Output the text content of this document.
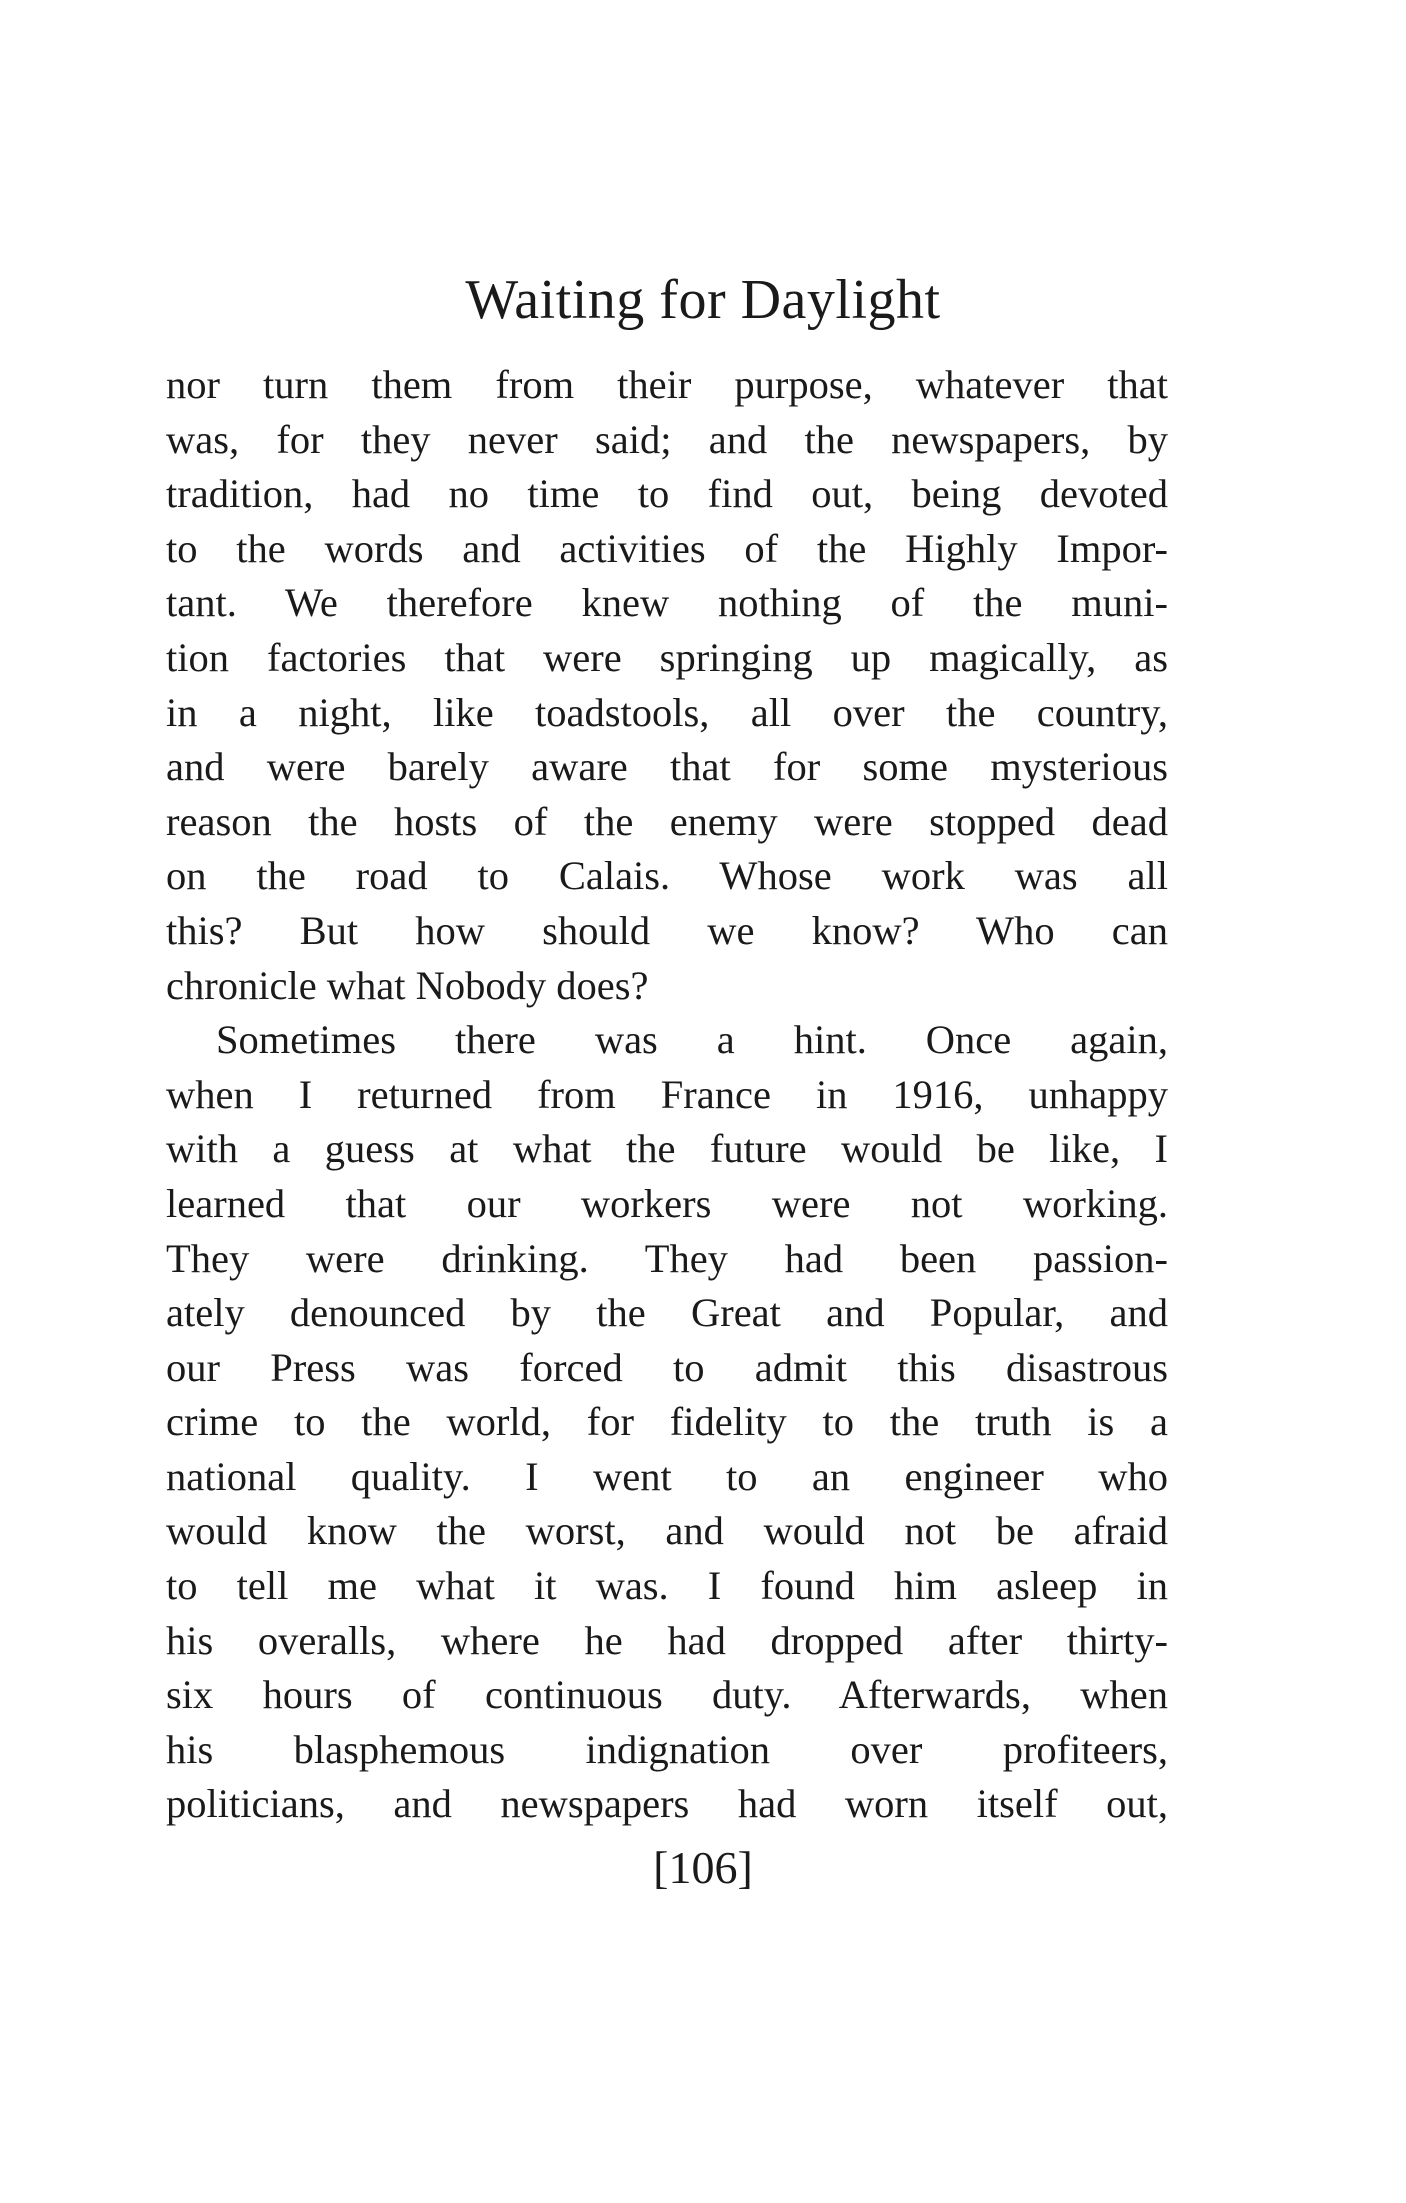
Waiting for Daylight
nor turn them from their purpose, whatever that
was, for they never said; and the newspapers, by
tradition, had no time to find out, being devoted
to the words and activities of the Highly Impor-
tant. We therefore knew nothing of the muni-
tion factories that were springing up magically, as
in a night, like toadstools, all over the country,
and were barely aware that for some mysterious
reason the hosts of the enemy were stopped dead
on the road to Calais. Whose work was all
this? But how should we know? Who can
chronicle what Nobody does?
Sometimes there was a hint. Once again,
when I returned from France in 1916, unhappy
with a guess at what the future would be like, I
learned that our workers were not working.
They were drinking. They had been passion-
ately denounced by the Great and Popular, and
our Press was forced to admit this disastrous
crime to the world, for fidelity to the truth is a
national quality. I went to an engineer who
would know the worst, and would not be afraid
to tell me what it was. I found him asleep in
his overalls, where he had dropped after thirty-
six hours of continuous duty. Afterwards, when
his blasphemous indignation over profiteers,
politicians, and newspapers had worn itself out,
[106]
